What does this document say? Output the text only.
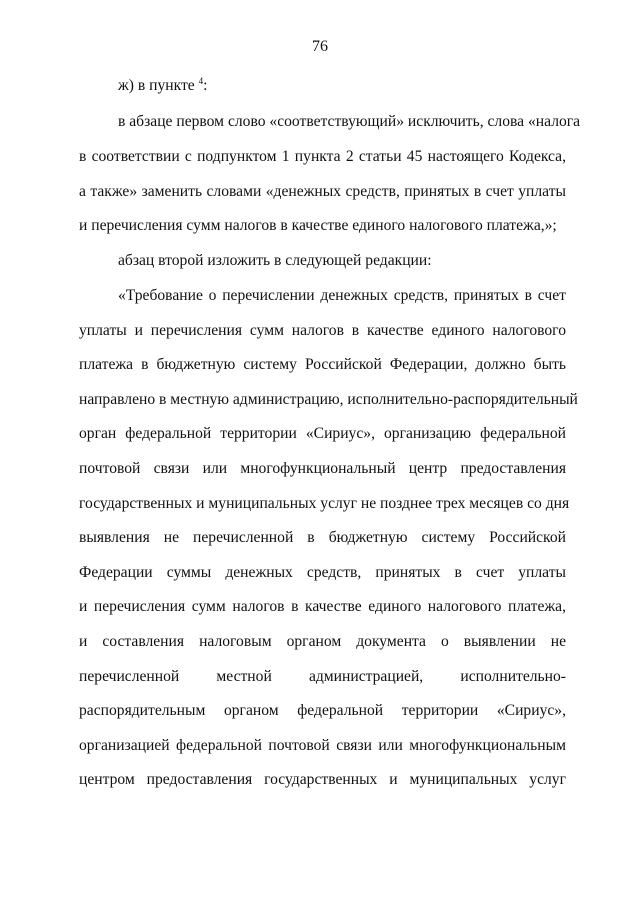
76
ж) в пункте $^4$:
в абзаце первом слово «соответствующий» исключить, слова «налога
в соответствии с подпунктом 1 пункта 2 статьи 45 настоящего Кодекса,
а также» заменить словами «денежных средств, принятых в счет уплаты
и перечисления сумм налогов в качестве единого налогового платежа,»;
абзац второй изложить в следующей редакции:
«Требование о перечислении денежных средств, принятых в счет
уплаты и перечисления сумм налогов в качестве единого налогового
платежа в бюджетную систему Российской Федерации, должно быть
направлено в местную администрацию, исполнительно-распорядительный
орган федеральной территории «Сириус», организацию федеральной
почтовой связи или многофункциональный центр предоставления
государственных и муниципальных услуг не позднее трех месяцев со дня
выявления не перечисленной в бюджетную систему Российской
Федерации суммы денежных средств, принятых в счет уплаты
и перечисления сумм налогов в качестве единого налогового платежа,
и составления налоговым органом документа о выявлении не
перечисленной местной администрацией, исполнительно-
распорядительным органом федеральной территории «Сириус»,
организацией федеральной почтовой связи или многофункциональным
центром предоставления государственных и муниципальных услуг
